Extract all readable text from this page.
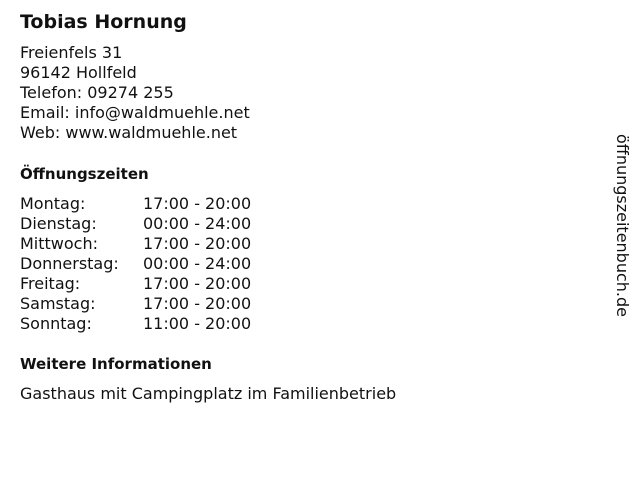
Tobias Hornung
Freienfels 31
96142 Hollfeld
Telefon: 09274 255
Email: info@waldmuehle.net
Web: www.waldmuehle.net
Öffnungszeiten
Montag:	17:00 - 20:00
Dienstag:	00:00 - 24:00
Mittwoch:	17:00 - 20:00
Donnerstag:	00:00 - 24:00
Freitag:	17:00 - 20:00
Samstag:	17:00 - 20:00
Sonntag:	11:00 - 20:00
Weitere Informationen
Gasthaus mit Campingplatz im Familienbetrieb
öffnungszeitenbuch.de
